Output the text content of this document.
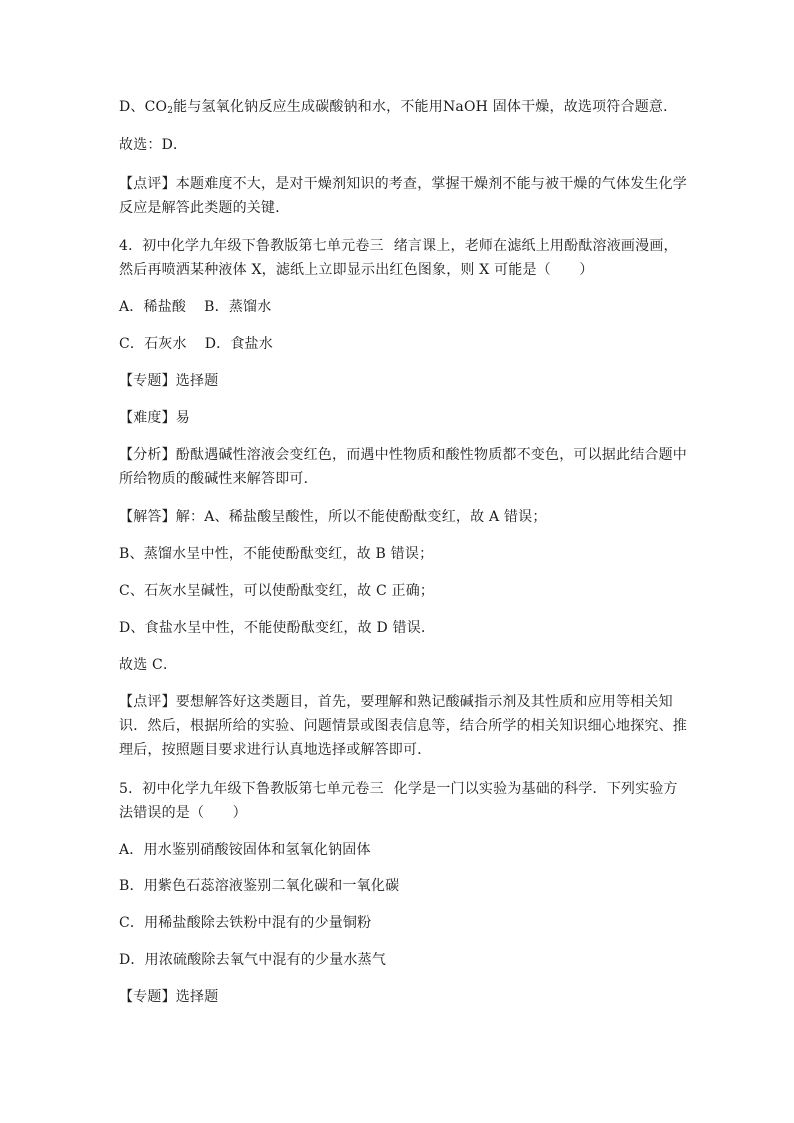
D、$CO_2$能与氢氧化钠反应生成碳酸钠和水，不能用NaOH 固体干燥，故选项符合题意．
故选：D．
【点评】本题难度不大，是对干燥剂知识的考查，掌握干燥剂不能与被干燥的气体发生化学
反应是解答此类题的关键．
4．初中化学九年级下鲁教版第七单元卷三 绪言课上，老师在滤纸上用酚酞溶液画漫画，
然后再喷洒某种液体 X，滤纸上立即显示出红色图象，则 X 可能是（　　）
A．稀盐酸 B．蒸馏水
C．石灰水 D．食盐水
【专题】选择题
【难度】易
【分析】酚酞遇碱性溶液会变红色，而遇中性物质和酸性物质都不变色，可以据此结合题中
所给物质的酸碱性来解答即可．
【解答】解：A、稀盐酸呈酸性，所以不能使酚酞变红，故 A 错误；
B、蒸馏水呈中性，不能使酚酞变红，故 B 错误；
C、石灰水呈碱性，可以使酚酞变红，故 C 正确；
D、食盐水呈中性，不能使酚酞变红，故 D 错误．
故选 C．
【点评】要想解答好这类题目，首先，要理解和熟记酸碱指示剂及其性质和应用等相关知
识．然后，根据所给的实验、问题情景或图表信息等，结合所学的相关知识细心地探究、推
理后，按照题目要求进行认真地选择或解答即可．
5．初中化学九年级下鲁教版第七单元卷三 化学是一门以实验为基础的科学．下列实验方
法错误的是（　　）
A．用水鉴别硝酸铵固体和氢氧化钠固体
B．用紫色石蕊溶液鉴别二氧化碳和一氧化碳
C．用稀盐酸除去铁粉中混有的少量铜粉
D．用浓硫酸除去氧气中混有的少量水蒸气
【专题】选择题
